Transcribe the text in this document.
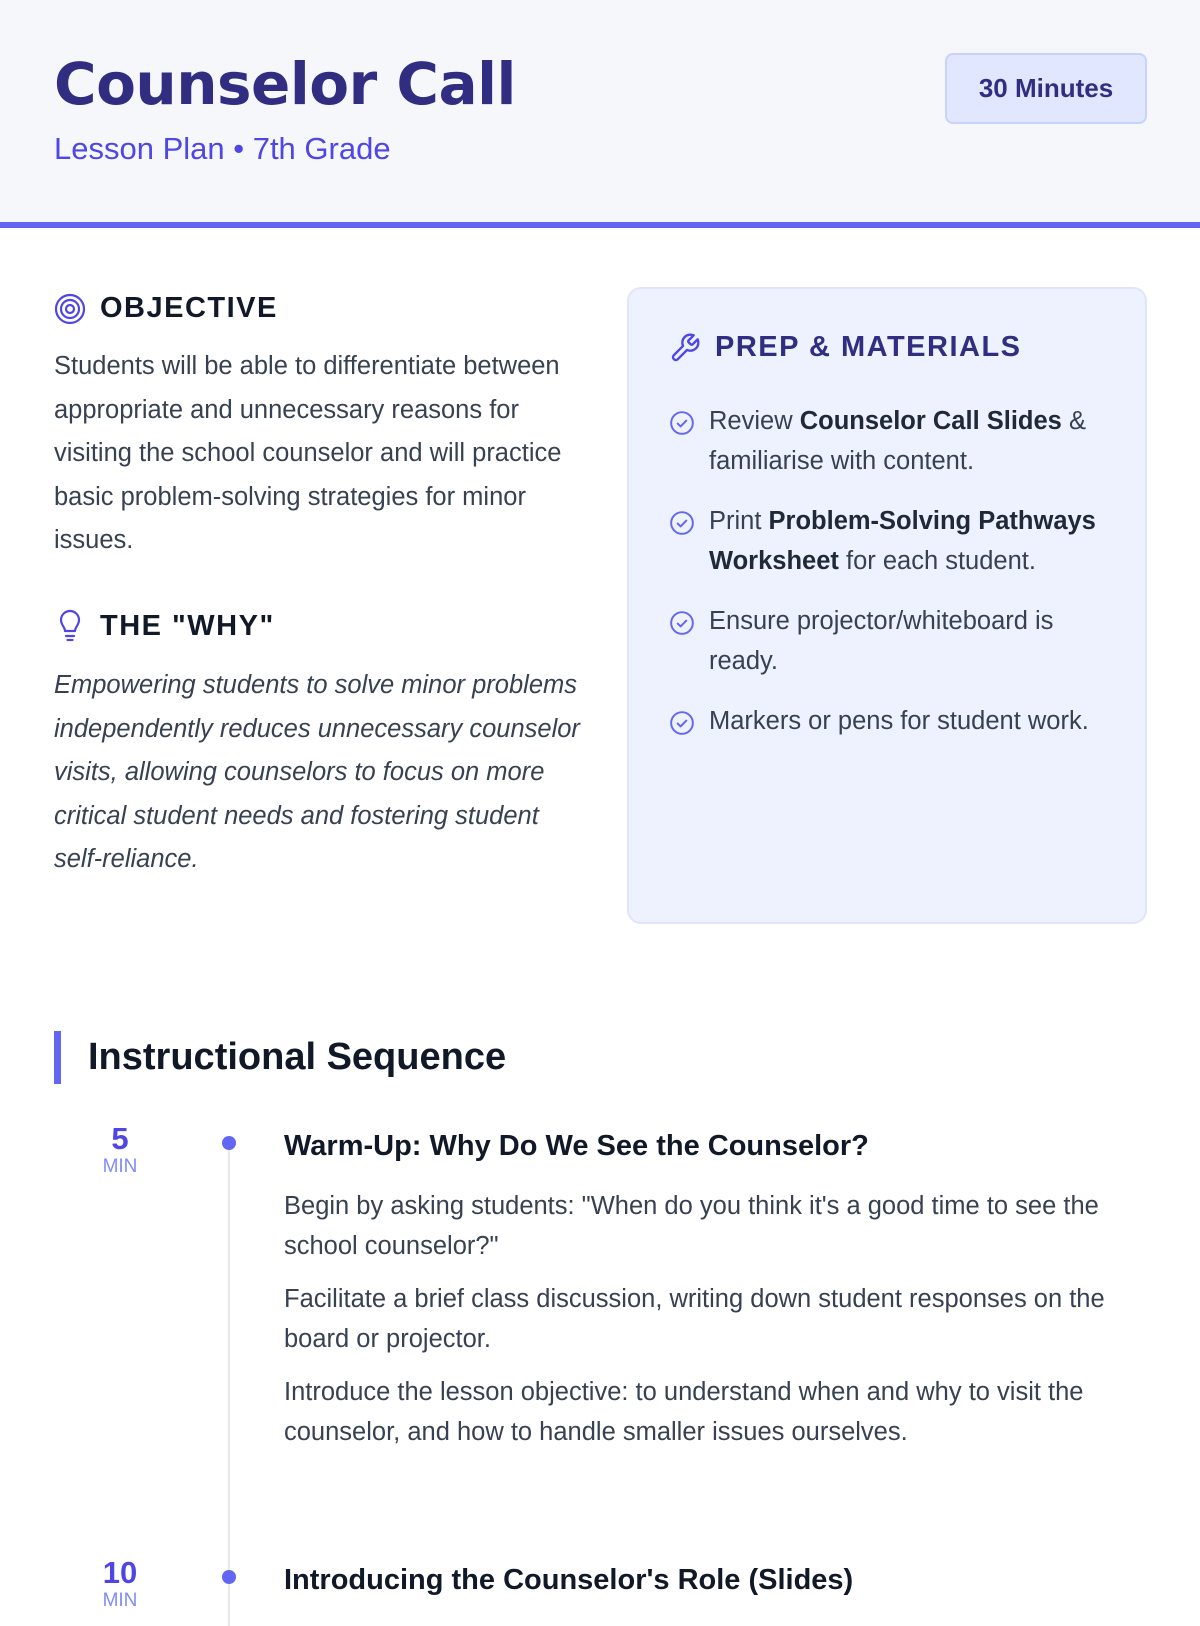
Counselor Call
Lesson Plan • 7th Grade
30 Minutes
OBJECTIVE

Students will be able to differentiate between appropriate and unnecessary reasons for visiting the school counselor and will practice basic problem-solving strategies for minor issues.

THE "WHY"

Empowering students to solve minor problems independently reduces unnecessary counselor visits, allowing counselors to focus on more critical student needs and fostering student self-reliance.

PREP & MATERIALS
Review Counselor Call Slides & familiarise with content.
Print Problem-Solving Pathways Worksheet for each student.
Ensure projector/whiteboard is ready.
Markers or pens for student work.
Instructional Sequence
5
MIN
Warm-Up: Why Do We See the Counselor?

Begin by asking students: "When do you think it's a good time to see the school counselor?"

Facilitate a brief class discussion, writing down student responses on the board or projector.

Introduce the lesson objective: to understand when and why to visit the counselor, and how to handle smaller issues ourselves.

10
MIN
Introducing the Counselor's Role (Slides)
